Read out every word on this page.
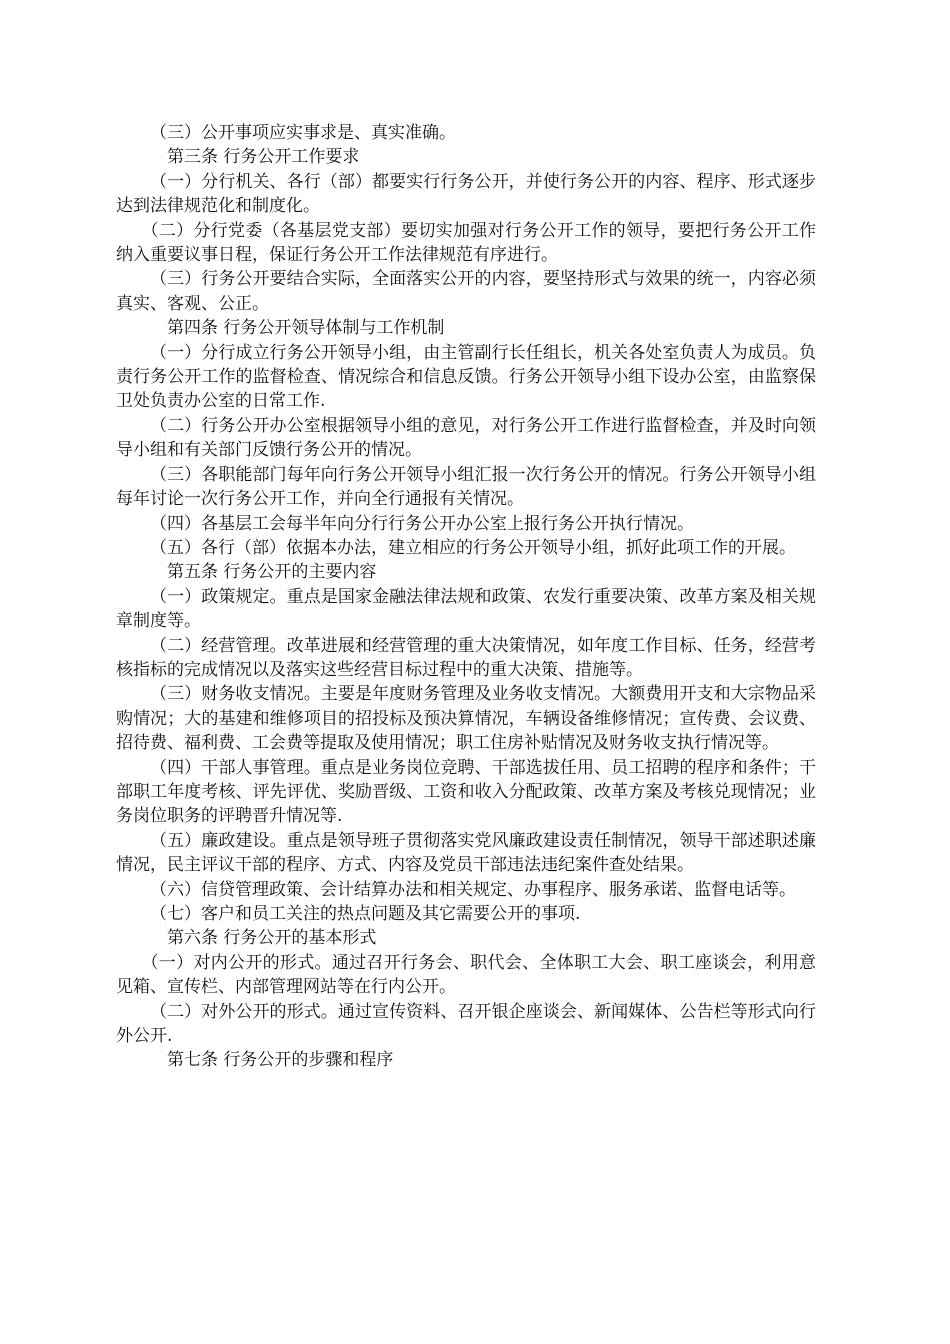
（三）公开事项应实事求是、真实准确。

第三条 行务公开工作要求

（一）分行机关、各行（部）都要实行行务公开，并使行务公开的内容、程序、形式逐步达到法律规范化和制度化。

（二）分行党委（各基层党支部）要切实加强对行务公开工作的领导，要把行务公开工作纳入重要议事日程，保证行务公开工作法律规范有序进行。

（三）行务公开要结合实际，全面落实公开的内容，要坚持形式与效果的统一，内容必须真实、客观、公正。

第四条 行务公开领导体制与工作机制

（一）分行成立行务公开领导小组，由主管副行长任组长，机关各处室负责人为成员。负责行务公开工作的监督检查、情况综合和信息反馈。行务公开领导小组下设办公室，由监察保卫处负责办公室的日常工作.

（二）行务公开办公室根据领导小组的意见，对行务公开工作进行监督检查，并及时向领导小组和有关部门反馈行务公开的情况。

（三）各职能部门每年向行务公开领导小组汇报一次行务公开的情况。行务公开领导小组每年讨论一次行务公开工作，并向全行通报有关情况。

（四）各基层工会每半年向分行行务公开办公室上报行务公开执行情况。

（五）各行（部）依据本办法，建立相应的行务公开领导小组，抓好此项工作的开展。

第五条 行务公开的主要内容

（一）政策规定。重点是国家金融法律法规和政策、农发行重要决策、改革方案及相关规章制度等。

（二）经营管理。改革进展和经营管理的重大决策情况，如年度工作目标、任务，经营考核指标的完成情况以及落实这些经营目标过程中的重大决策、措施等。

（三）财务收支情况。主要是年度财务管理及业务收支情况。大额费用开支和大宗物品采购情况；大的基建和维修项目的招投标及预决算情况，车辆设备维修情况；宣传费、会议费、招待费、福利费、工会费等提取及使用情况；职工住房补贴情况及财务收支执行情况等。

（四）干部人事管理。重点是业务岗位竞聘、干部选拔任用、员工招聘的程序和条件；干部职工年度考核、评先评优、奖励晋级、工资和收入分配政策、改革方案及考核兑现情况；业务岗位职务的评聘晋升情况等.

（五）廉政建设。重点是领导班子贯彻落实党风廉政建设责任制情况，领导干部述职述廉情况，民主评议干部的程序、方式、内容及党员干部违法违纪案件查处结果。

（六）信贷管理政策、会计结算办法和相关规定、办事程序、服务承诺、监督电话等。

（七）客户和员工关注的热点问题及其它需要公开的事项.

第六条 行务公开的基本形式

（一）对内公开的形式。通过召开行务会、职代会、全体职工大会、职工座谈会，利用意见箱、宣传栏、内部管理网站等在行内公开。

（二）对外公开的形式。通过宣传资料、召开银企座谈会、新闻媒体、公告栏等形式向行外公开.

第七条 行务公开的步骤和程序
